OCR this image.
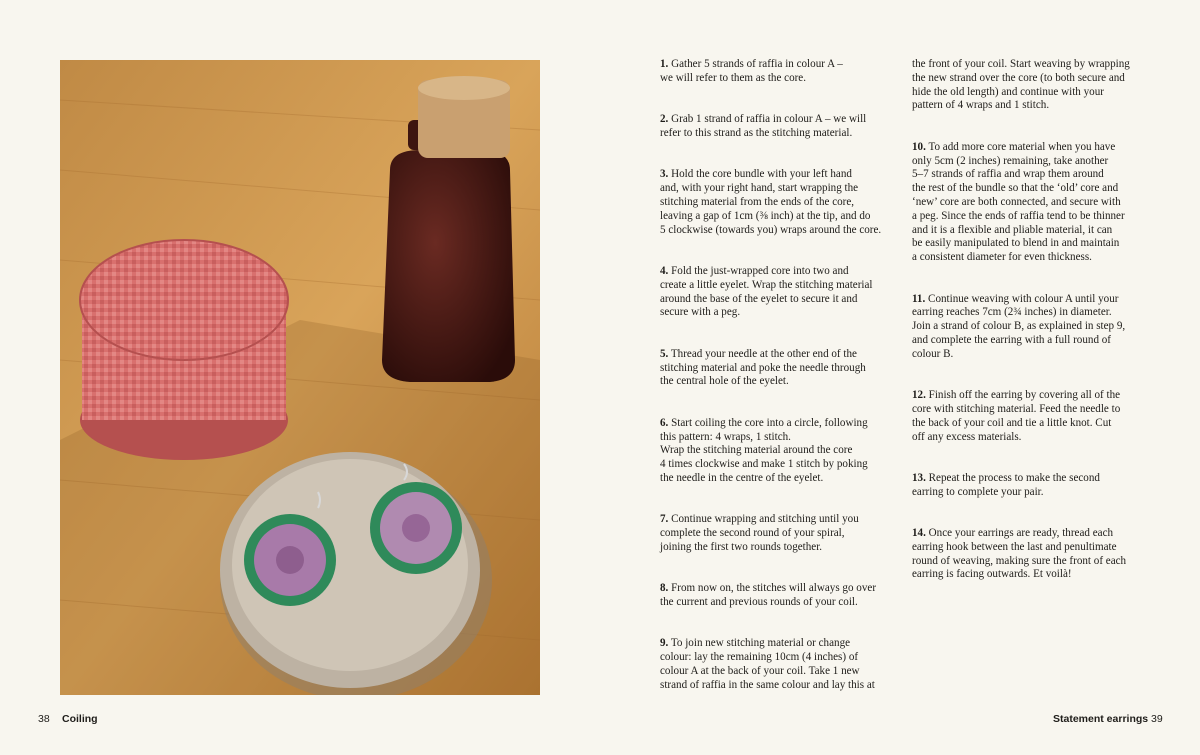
1. Gather 5 strands of raffia in colour A –
we will refer to them as the core.

2. Grab 1 strand of raffia in colour A – we will
refer to this strand as the stitching material.

3. Hold the core bundle with your left hand
and, with your right hand, start wrapping the
stitching material from the ends of the core,
leaving a gap of 1cm (⅜ inch) at the tip, and do
5 clockwise (towards you) wraps around the core.

4. Fold the just-wrapped core into two and
create a little eyelet. Wrap the stitching material
around the base of the eyelet to secure it and
secure with a peg.

5. Thread your needle at the other end of the
stitching material and poke the needle through
the central hole of the eyelet.

6. Start coiling the core into a circle, following
this pattern: 4 wraps, 1 stitch.
Wrap the stitching material around the core
4 times clockwise and make 1 stitch by poking
the needle in the centre of the eyelet.

7. Continue wrapping and stitching until you
complete the second round of your spiral,
joining the first two rounds together.

8. From now on, the stitches will always go over
the current and previous rounds of your coil.

9. To join new stitching material or change
colour: lay the remaining 10cm (4 inches) of
colour A at the back of your coil. Take 1 new
strand of raffia in the same colour and lay this at

the front of your coil. Start weaving by wrapping
the new strand over the core (to both secure and
hide the old length) and continue with your
pattern of 4 wraps and 1 stitch.

10. To add more core material when you have
only 5cm (2 inches) remaining, take another
5–7 strands of raffia and wrap them around
the rest of the bundle so that the ‘old’ core and
‘new’ core are both connected, and secure with
a peg. Since the ends of raffia tend to be thinner
and it is a flexible and pliable material, it can
be easily manipulated to blend in and maintain
a consistent diameter for even thickness.

11. Continue weaving with colour A until your
earring reaches 7cm (2¾ inches) in diameter.
Join a strand of colour B, as explained in step 9,
and complete the earring with a full round of
colour B.

12. Finish off the earring by covering all of the
core with stitching material. Feed the needle to
the back of your coil and tie a little knot. Cut
off any excess materials.

13. Repeat the process to make the second
earring to complete your pair.

14. Once your earrings are ready, thread each
earring hook between the last and penultimate
round of weaving, making sure the front of each
earring is facing outwards. Et voilà!

38 Coiling	Statement earrings 39
